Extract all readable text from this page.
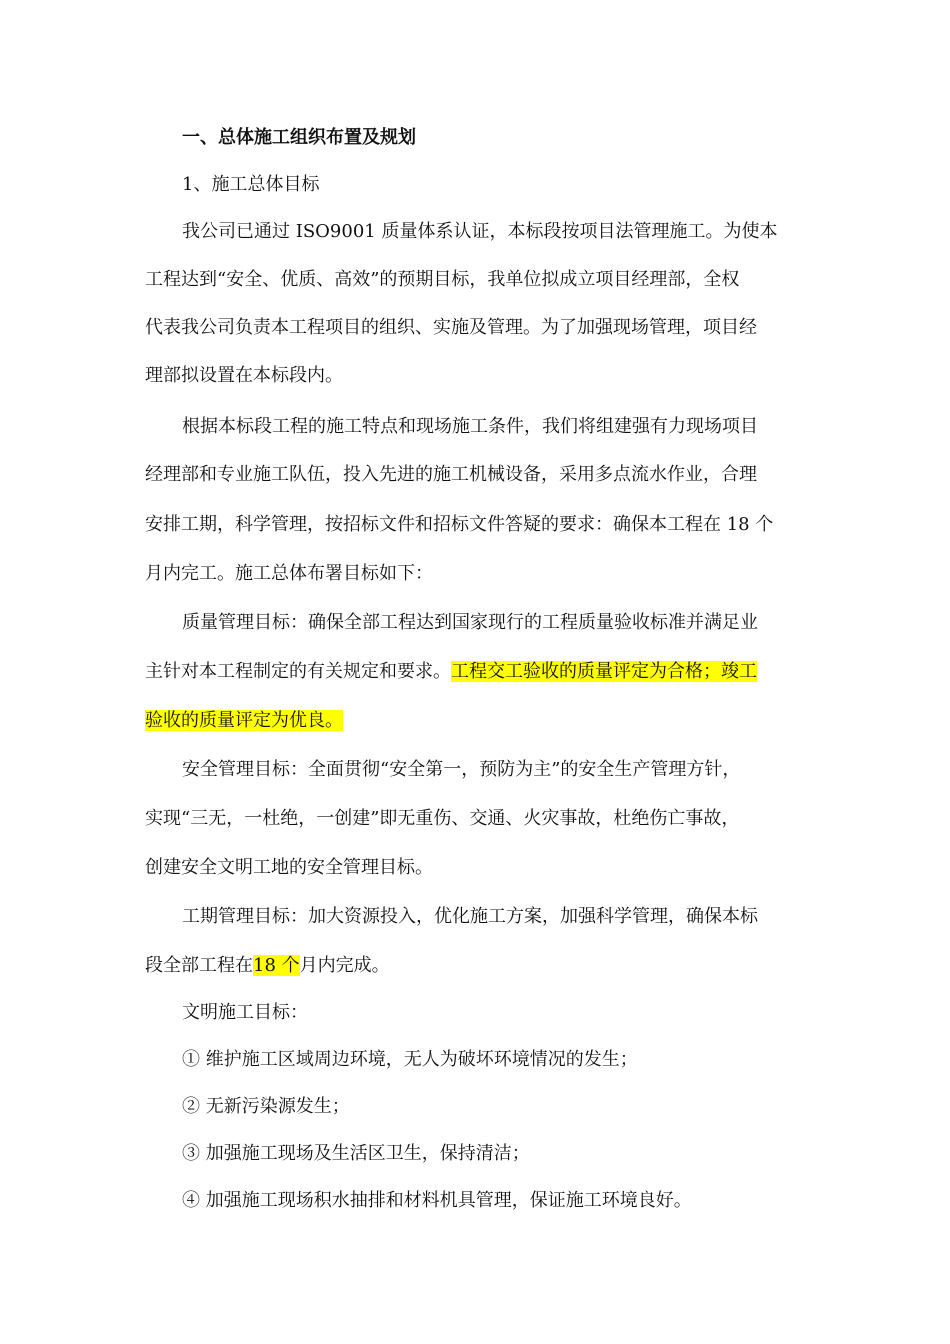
一、总体施工组织布置及规划
1、施工总体目标
我公司已通过 ISO9001 质量体系认证，本标段按项目法管理施工。为使本
工程达到“安全、优质、高效”的预期目标，我单位拟成立项目经理部，全权
代表我公司负责本工程项目的组织、实施及管理。为了加强现场管理，项目经
理部拟设置在本标段内。
根据本标段工程的施工特点和现场施工条件，我们将组建强有力现场项目
经理部和专业施工队伍，投入先进的施工机械设备，采用多点流水作业，合理
安排工期，科学管理，按招标文件和招标文件答疑的要求：确保本工程在 18 个
月内完工。施工总体布署目标如下：
质量管理目标：确保全部工程达到国家现行的工程质量验收标准并满足业
主针对本工程制定的有关规定和要求。工程交工验收的质量评定为合格；竣工
验收的质量评定为优良。
安全管理目标：全面贯彻“安全第一，预防为主”的安全生产管理方针，
实现“三无，一杜绝，一创建”即无重伤、交通、火灾事故，杜绝伤亡事故，
创建安全文明工地的安全管理目标。
工期管理目标：加大资源投入，优化施工方案，加强科学管理，确保本标
段全部工程在18 个月内完成。
文明施工目标：
① 维护施工区域周边环境，无人为破坏环境情况的发生；
② 无新污染源发生；
③ 加强施工现场及生活区卫生，保持清洁；
④ 加强施工现场积水抽排和材料机具管理，保证施工环境良好。
